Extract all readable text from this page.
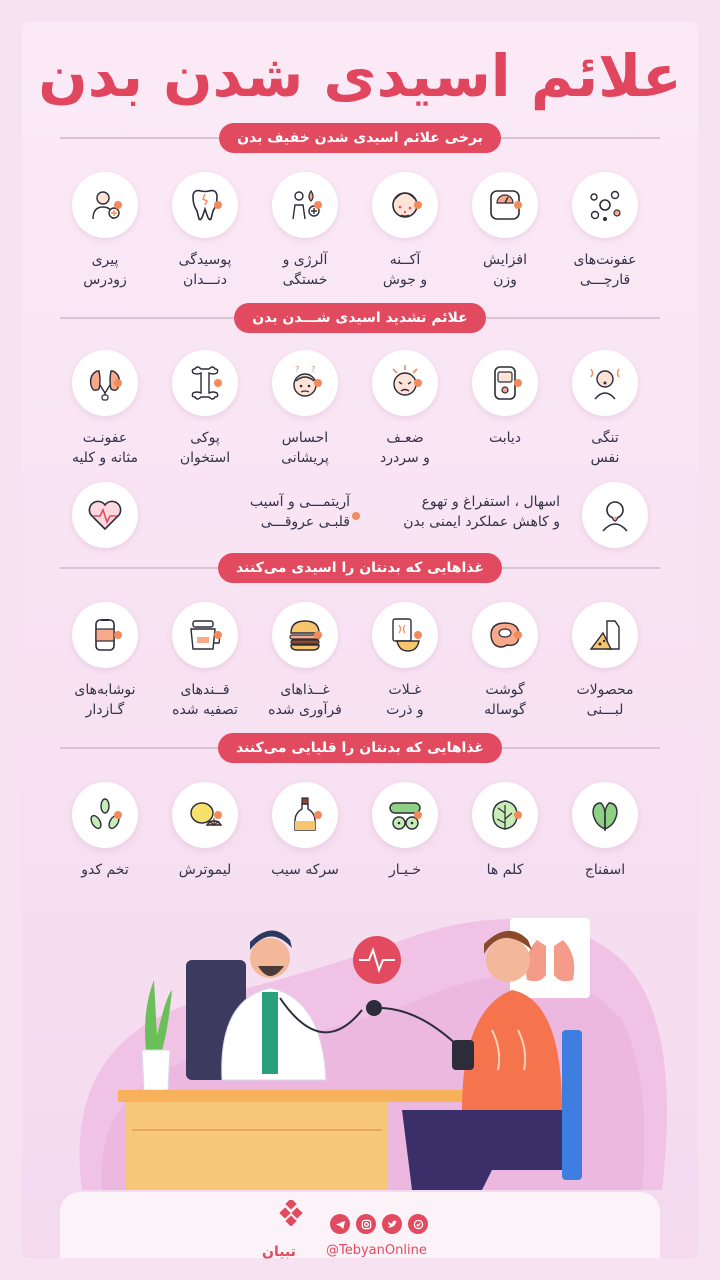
علائم اسیدی شدن بدن
برخی علائم اسیدی شدن خفیف بدن
عفونت‌های
قارچـــی
افزایش
وزن
آکــنه
و جوش
آلرژی و
خستگی
پوسیدگی
دنـــدان
پیری
زودرس
علائم تشدید اسیدی شـــدن بدن
تنگی
نفس
دیابت
ضعـف
و سردرد
? ?
احساس
پریشانی
پوکی
استخوان
عفونـت
مثانه و کلیه
اسهال ، استفراغ و تهوع
و کاهش عملکرد ایمنی بدن
آریتمـــی و آسیب
قلبـی عروقـــی
غذاهایی که بدنتان را اسیدی می‌کنند
محصولات
لبـــنی
گوشت
گوساله
غـلات
و ذرت
غــذاهای
فرآوری شده
قــندهای
تصفیه شده
نوشابه‌های
گـازدار
غذاهایی که بدنتان را قلیایی می‌کنند
اسفناج
کلم ها
خـیـار
سرکه سیب
لیموترش
تخم کدو
تبیان @TebyanOnline
